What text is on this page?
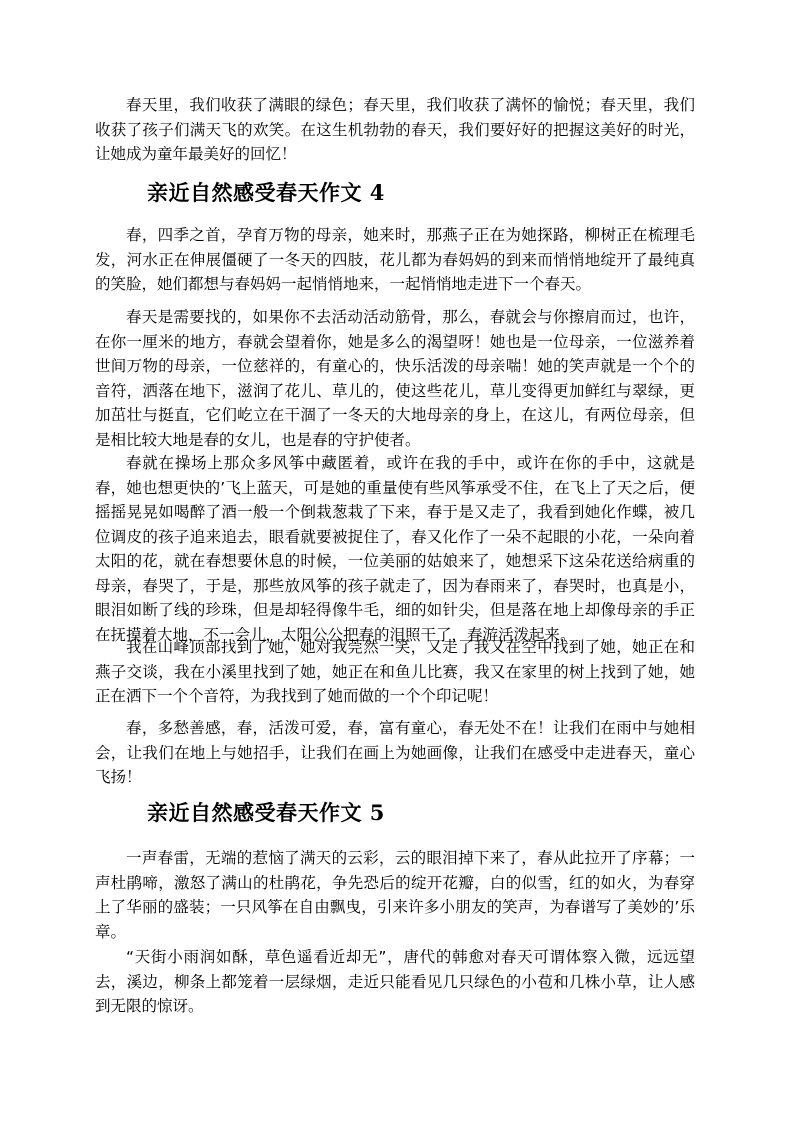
春天里，我们收获了满眼的绿色；春天里，我们收获了满怀的愉悦；春天里，我们收获了孩子们满天飞的欢笑。在这生机勃勃的春天，我们要好好的把握这美好的时光，让她成为童年最美好的回忆！

亲近自然感受春天作文 4

春，四季之首，孕育万物的母亲，她来时，那燕子正在为她探路，柳树正在梳理毛发，河水正在伸展僵硬了一冬天的四肢，花儿都为春妈妈的到来而悄悄地绽开了最纯真的笑脸，她们都想与春妈妈一起悄悄地来，一起悄悄地走进下一个春天。

春天是需要找的，如果你不去活动活动筋骨，那么，春就会与你擦肩而过，也许，在你一厘米的地方，春就会望着你，她是多么的渴望呀！她也是一位母亲，一位滋养着世间万物的母亲，一位慈祥的，有童心的，快乐活泼的母亲喘！她的笑声就是一个个的音符，洒落在地下，滋润了花儿、草儿的，使这些花儿，草儿变得更加鲜红与翠绿，更加茁壮与挺直，它们屹立在干涸了一冬天的大地母亲的身上，在这儿，有两位母亲，但是相比较大地是春的女儿，也是春的守护使者。

春就在操场上那众多风筝中藏匿着，或许在我的手中，或许在你的手中，这就是春，她也想更快的’飞上蓝天，可是她的重量使有些风筝承受不住，在飞上了天之后，便摇摇晃晃如喝醉了酒一般一个倒栽葱栽了下来，春于是又走了，我看到她化作蝶，被几位调皮的孩子追来追去，眼看就要被捉住了，春又化作了一朵不起眼的小花，一朵向着太阳的花，就在春想要休息的时候，一位美丽的姑娘来了，她想采下这朵花送给病重的母亲，春哭了，于是，那些放风筝的孩子就走了，因为春雨来了，春哭时，也真是小，眼泪如断了线的珍珠，但是却轻得像牛毛，细的如针尖，但是落在地上却像母亲的手正在抚摸着大地，不一会儿，太阳公公把春的泪照干了，春游活泼起来。

我在山峰顶部找到了她，她对我莞然一笑，又走了我又在空中找到了她，她正在和燕子交谈，我在小溪里找到了她，她正在和鱼儿比赛，我又在家里的树上找到了她，她正在洒下一个个音符，为我找到了她而做的一个个印记呢！

春，多愁善感，春，活泼可爱，春，富有童心，春无处不在！让我们在雨中与她相会，让我们在地上与她招手，让我们在画上为她画像，让我们在感受中走进春天，童心飞扬！

亲近自然感受春天作文 5

一声春雷，无端的惹恼了满天的云彩，云的眼泪掉下来了，春从此拉开了序幕；一声杜鹃啼，激怒了满山的杜鹃花，争先恐后的绽开花瓣，白的似雪，红的如火，为春穿上了华丽的盛装；一只风筝在自由飘曳，引来许多小朋友的笑声，为春谱写了美妙的’乐章。

“天街小雨润如酥，草色遥看近却无”，唐代的韩愈对春天可谓体察入微，远远望去，溪边，柳条上都笼着一层绿烟，走近只能看见几只绿色的小苞和几株小草，让人感到无限的惊讶。
